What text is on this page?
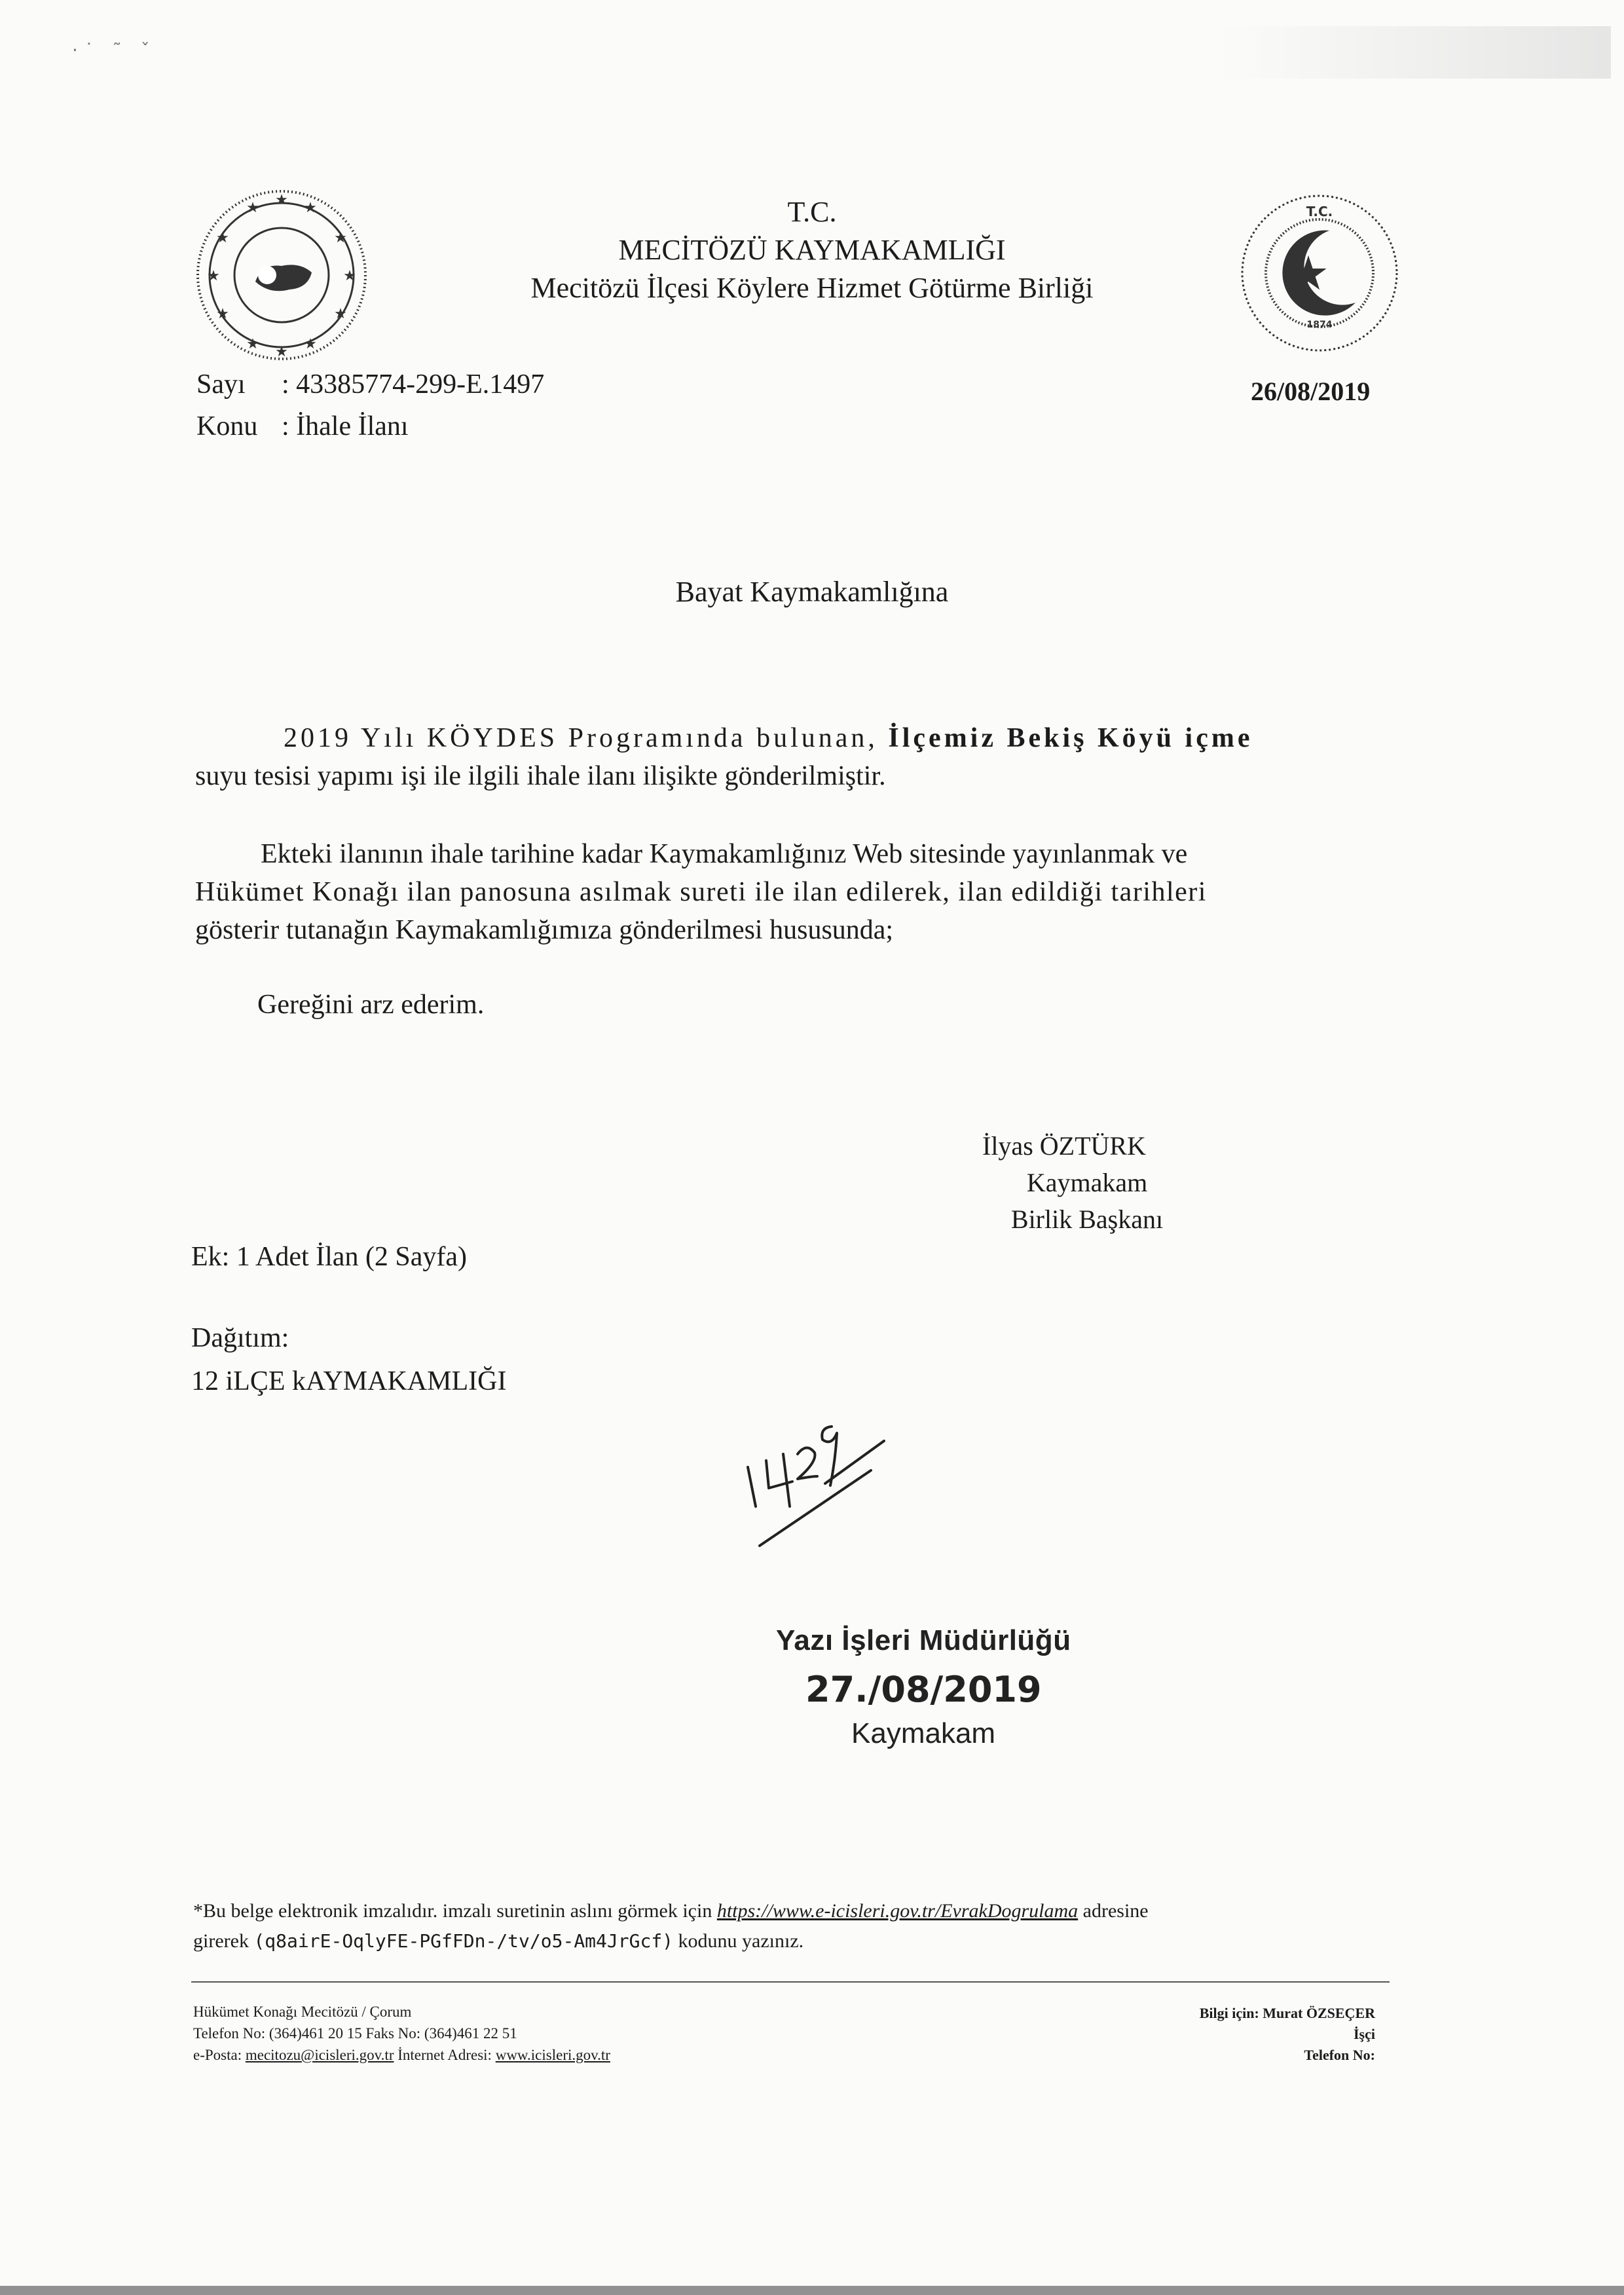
·˙ ˜ ˇ
★
★	★
★	★
★	★
★	★
★	★
★
T.C.
MECİTÖZÜ KAYMAKAMLIĞI
Mecitözü İlçesi Köylere Hizmet Götürme Birliği	★
T.C.
1874
Sayı : 43385774-299-E.1497
Konu : İhale İlanı
26/08/2019
Bayat Kaymakamlığına
2019 Yılı KÖYDES Programında bulunan, İlçemiz Bekiş Köyü içme
suyu tesisi yapımı işi ile ilgili ihale ilanı ilişikte gönderilmiştir.
Ekteki ilanının ihale tarihine kadar Kaymakamlığınız Web sitesinde yayınlanmak ve
Hükümet Konağı ilan panosuna asılmak sureti ile ilan edilerek, ilan edildiği tarihleri
gösterir tutanağın Kaymakamlığımıza gönderilmesi hususunda;
Gereğini arz ederim.
İlyas ÖZTÜRK
Kaymakam
Birlik Başkanı
Ek: 1 Adet İlan (2 Sayfa)
Dağıtım:
12 iLÇE kAYMAKAMLIĞI
Yazı İşleri Müdürlüğü
27./08/2019
Kaymakam
*Bu belge elektronik imzalıdır. imzalı suretinin aslını görmek için https://www.e-icisleri.gov.tr/EvrakDogrulama adresine
girerek (q8airE-OqlyFE-PGfFDn-/tv/o5-Am4JrGcf) kodunu yazınız.
Hükümet Konağı Mecitözü / Çorum
Telefon No: (364)461 20 15 Faks No: (364)461 22 51
e-Posta: mecitozu@icisleri.gov.tr İnternet Adresi: www.icisleri.gov.tr
Bilgi için: Murat ÖZSEÇER
İşçi
Telefon No:
